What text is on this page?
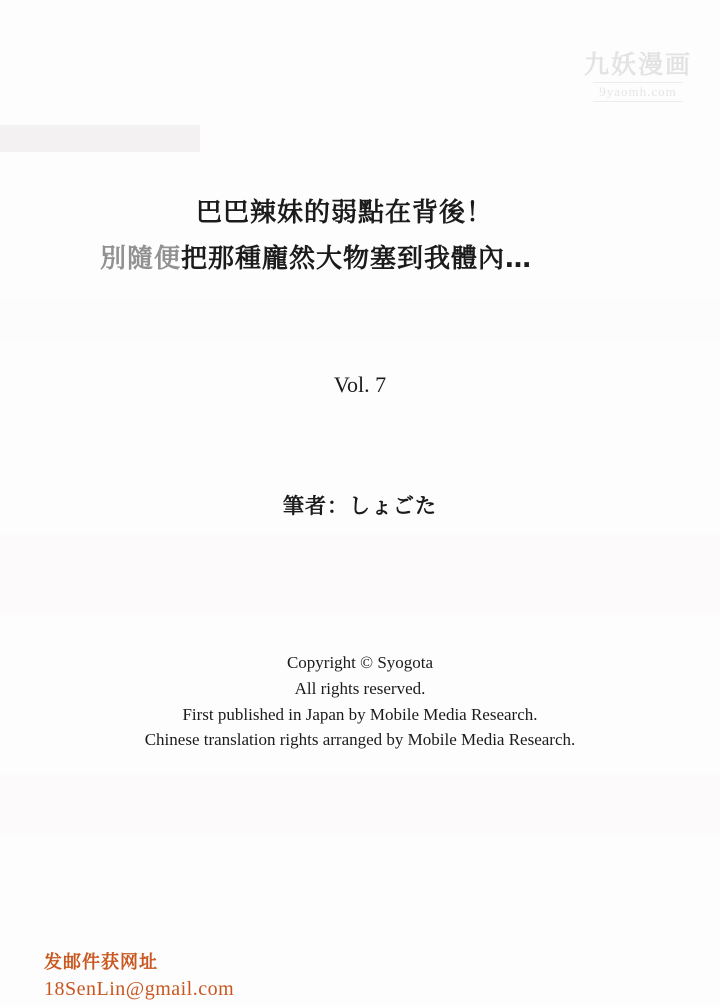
九妖漫画
9yaomh.com
巴巴辣妹的弱點在背後！
別隨便把那種龐然大物塞到我體內…
Vol. 7
筆者：しょごた
Copyright © Syogota
All rights reserved.
First published in Japan by Mobile Media Research.
Chinese translation rights arranged by Mobile Media Research.
发邮件获网址
18SenLin@gmail.com
